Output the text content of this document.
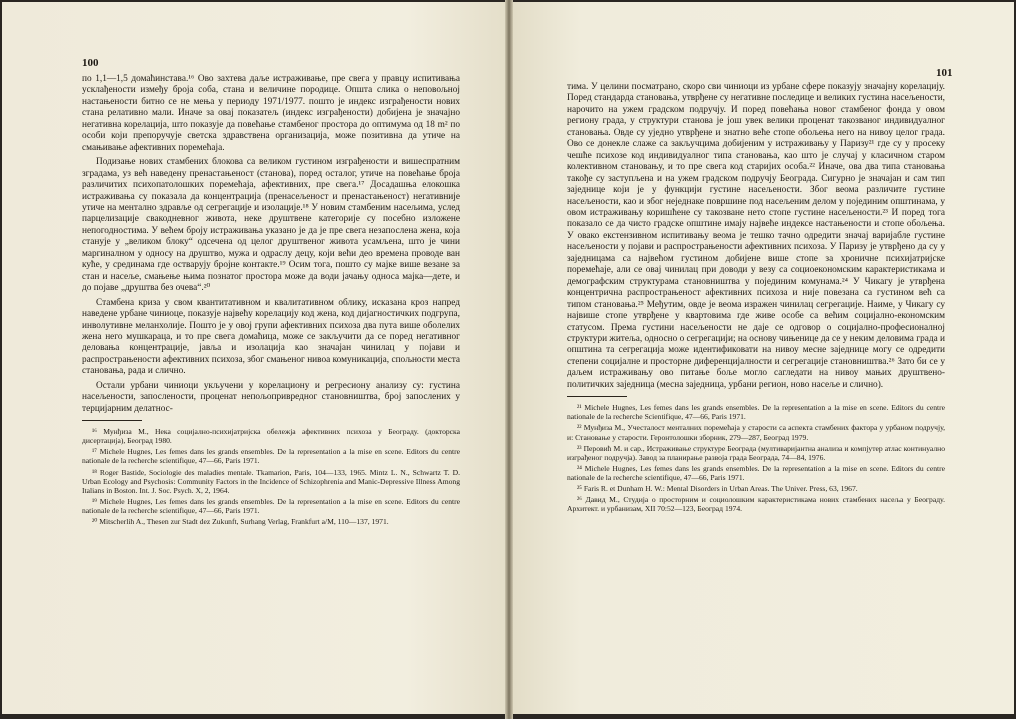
100

по 1,1—1,5 домаћинстава.¹⁶ Ово захтева даље истраживање, пре свега у правцу испитивања усклађености између броја соба, стана и величине породице. Општа слика о неповољној настањености битно се не мења у периоду 1971/1977. пошто је индекс изграђености нових стана релативно мали. Иначе за овај показатељ (индекс изграђености) добијена је значајно негативна корелација, што показује да повећање стамбеног простора до оптимума од 18 m² по особи који препоручује светска здравствена организација, може позитивна да утиче на смањивање афективних поремећаја.

Подизање нових стамбених блокова са великом густином изграђености и вишеспратним зградама, уз већ наведену пренастањеност (станова), поред осталог, утиче на повећање броја различитих психопатолошких поремећаја, афективних, пре свега.¹⁷ Досадашња елокошка истраживања су показала да концентрација (пренасељеност и пренастањеност) негативније утиче на ментално здравље од сегрегације и изолације.¹⁸ У новим стамбеним насељима, услед парцелизације свакодневног живота, неке друштвене категорије су посебно изложене непогодностима. У већем броју истраживања указано је да је пре свега незапослена жена, која станује у „великом блоку“ одсечена од целог друштвеног живота усамљена, што је чини маргиналном у односу на друштво, мужа и одраслу децу, који већи део времена проводе ван куће, у срединама где остварују бројне контакте.¹⁹ Осим тога, пошто су мајке више везане за стан и насеље, смањење њима познатог простора може да води јачању односа мајка—дете, и до појаве „друштва без очева“.²⁰

Стамбена криза у свом квантитативном и квалитативном облику, исказана кроз напред наведене урбане чиниоце, показује највећу корелацију код жена, код дијагностичких подгрупа, инволутивне меланхолије. Пошто је у овој групи афективних психоза два пута више оболелих жена него мушкараца, и то пре свега домаћица, може се закључити да се поред негативног деловања концентрације, јавља и изолација као значајан чинилац у појави и распрострањености афективних психоза, због смањеног нивоа комуникација, спољности места становања, рада и слично.

Остали урбани чиниоци укључени у корелациону и регресиону анализу су: густина насељености, запослености, проценат непољопривредног становништва, број запослених у терцијарним делатнос-

¹⁶ Мунђиза М., Нека социјално-психијатријска обележја афективних психоза у Београду. (докторска дисертација), Београд 1980.

¹⁷ Michele Hugnes, Les femes dans les grands ensembles. De la representation a la mise en scene. Editors du centre nationale de la recherche scientifique, 47—66, Paris 1971.

¹⁸ Roger Bastide, Sociologie des maladies mentale. Tkamarion, Paris, 104—133, 1965. Mintz L. N., Schwartz T. D. Urban Ecology and Psychosis: Community Factors in the Incidence of Schizophrenia and Manic-Depressive Illness Among Italians in Boston. Int. J. Soc. Psych. X, 2, 1964.

¹⁹ Michele Hugnes, Les femes dans les grands ensembles. De la representation a la mise en scene. Editors du centre nationale de la recherche scientifique, 47—66, Paris 1971.

²⁰ Mitscherlih A., Thesen zur Stadt dez Zukunft, Surhang Verlag, Frankfurt a/M, 110—137, 1971.

101

тима. У целини посматрано, скоро сви чиниоци из урбане сфере показују значајну корелацију. Поред стандарда становања, утврђене су негативне последице и великих густина насељености, нарочито на ужем градском подручју. И поред повећања новог стамбеног фонда у овом региону града, у структури станова је још увек велики проценат такозваног индивидуалног становања. Овде су уједно утврђене и знатно веће стопе обољења него на нивоу целог града. Ово се донекле слаже са закључцима добијеним у истраживању у Паризу²¹ где су у просеку чешће психозе код индивидуалног типа становања, као што је случај у класичном старом колективном становању, и то пре свега код старијих особа.²² Иначе, ова два типа становања такође су заступљена и на ужем градском подручју Београда. Сигурно је значајан и сам тип заједнице који је у функцији густине насељености. Због веома различите густине насељености, као и због неједнаке површине под насељеним делом у појединим општинама, у овом истраживању коришћене су такозване нето стопе густине насељености.²³ И поред тога показало се да чисто градске општине имају највеће индексе настањености и стопе обољења. У овако екстензивном испитивању веома је тешко тачно одредити значај варијабле густине насељености у појави и распрострањености афективних психоза. У Паризу је утврђено да су у заједницама са највећом густином добијене више стопе за хроничне психијатријске поремећаје, али се овај чинилац при доводи у везу са социоекономским карактеристикама и демографским структурама становништва у појединим комунама.²⁴ У Чикагу је утврђена концентрична распрострањеност афективних психоза и није повезана са густином већ са типом становања.²⁵ Међутим, овде је веома изражен чинилац сегрегације. Наиме, у Чикагу су највише стопе утврђене у квартовима где живе особе са већим социјално-економским статусом. Према густини насељености не даје се одговор о социјално-професионалној структури житеља, односно о сегрегацији; на основу чињенице да се у неким деловима града и општина та сегрегација може идентификовати на нивоу месне заједнице могу се одредити степени социјалне и просторне диференцијалности и сегрегације становништва.²⁶ Зато би се у даљем истраживању ово питање боље могло сагледати на нивоу мањих друштвено-политичких заједница (месна заједница, урбани регион, ново насеље и слично).

²¹ Michele Hugnes, Les femes dans les grands ensembles. De la representation a la mise en scene. Editors du centre nationale de la recherche Scientifique, 47—66, Paris 1971.

²² Мунђиза М., Учесталост менталних поремећаја у старости са аспекта стамбених фактора у урбаном подручју, и: Становање у старости. Геронтолошки зборник, 279—287, Београд 1979.

²³ Перовић М. и сар., Истраживање структуре Београда (мултиваријантна анализа и компјутер атлас континуално изграђеног подручја). Завод за планирање развоја града Београда, 74—84, 1976.

²⁴ Michele Hugnes, Les femes dans les grands ensembles. De la representation a la mise en scene. Editors du centre nationale de la recherche scientifique, 47—66, Paris 1971.

²⁵ Faris R. et Dunham H. W.: Mental Disorders in Urban Areas. The Univer. Press, 63, 1967.

²⁶ Давид М., Студија о просторним и социолошким карактеристикама нових стамбених насеља у Београду. Архитект. и урбанизам, XII 70:52—123, Београд 1974.
